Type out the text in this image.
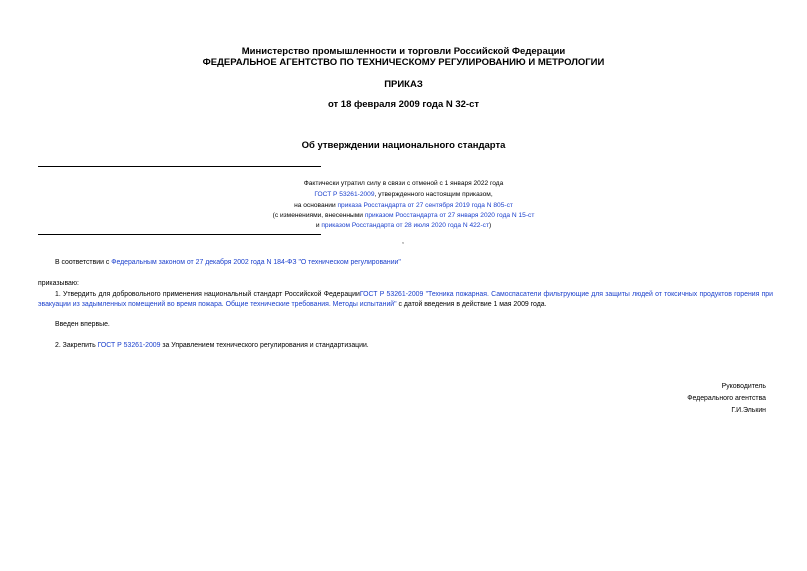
Министерство промышленности и торговли Российской Федерации
ФЕДЕРАЛЬНОЕ АГЕНТСТВО ПО ТЕХНИЧЕСКОМУ РЕГУЛИРОВАНИЮ И МЕТРОЛОГИИ
ПРИКАЗ
от 18 февраля 2009 года N 32-ст
Об утверждении национального стандарта
Фактически утратил силу в связи с отменой с 1 января 2022 года
ГОСТ Р 53261-2009, утвержденного настоящим приказом,
на основании приказа Росстандарта от 27 сентября 2019 года N 805-ст
(с изменениями, внесенными приказом Росстандарта от 27 января 2020 года N 15-ст
и приказом Росстандарта от 28 июля 2020 года N 422-ст)
,
В соответствии с Федеральным законом от 27 декабря 2002 года N 184-ФЗ "О техническом регулировании"
приказываю:
1. Утвердить для добровольного применения национальный стандарт Российской ФедерацииГОСТ Р 53261-2009 "Техника пожарная. Самоспасатели фильтрующие для защиты людей от токсичных продуктов горения при эвакуации из задымленных помещений во время пожара. Общие технические требования. Методы испытаний" с датой введения в действие 1 мая 2009 года.
Введен впервые.
2. Закрепить ГОСТ Р 53261-2009 за Управлением технического регулирования и стандартизации.
Руководитель
Федерального агентства
Г.И.Элькин
